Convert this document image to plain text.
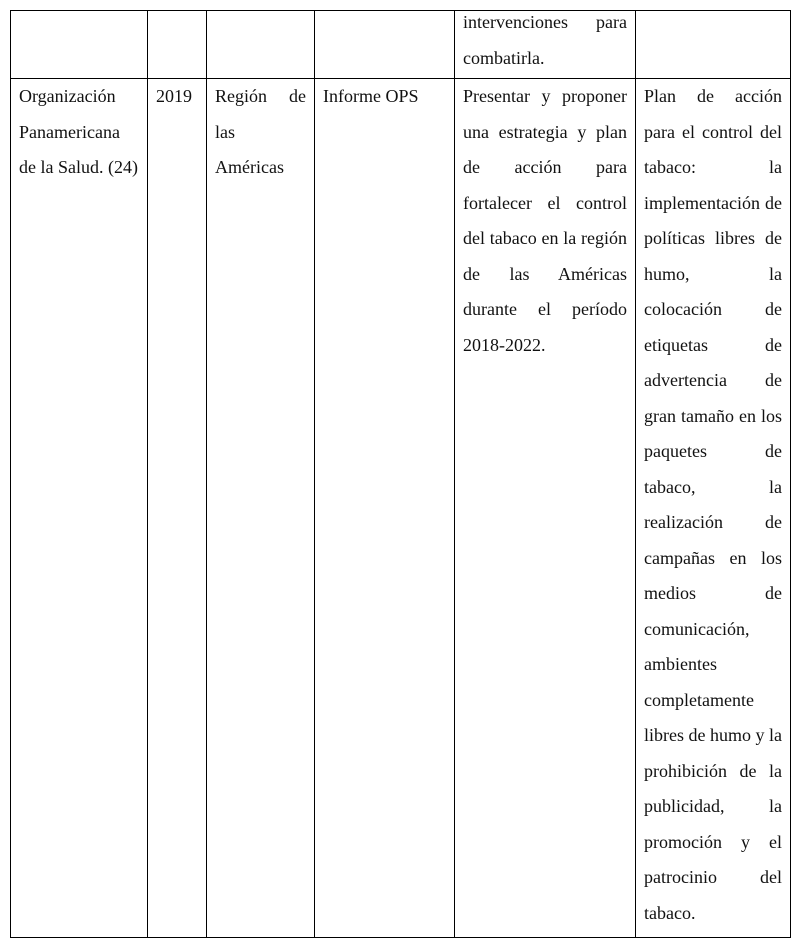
				intervenciones para combatirla.	

Organización Panamericana de la Salud. (24)	2019	Región de las Américas	Informe OPS	Presentar y proponer una estrategia y plan de acción para fortalecer el control del tabaco en la región de las Américas durante el período 2018-2022.	Plan de acción para el control del tabaco: la implementación de políticas libres de humo, la colocación de etiquetas de advertencia de gran tamaño en los paquetes de tabaco, la realización de campañas en los medios de comunicación, ambientes completamente libres de humo y la prohibición de la publicidad, la promoción y el patrocinio del tabaco.
